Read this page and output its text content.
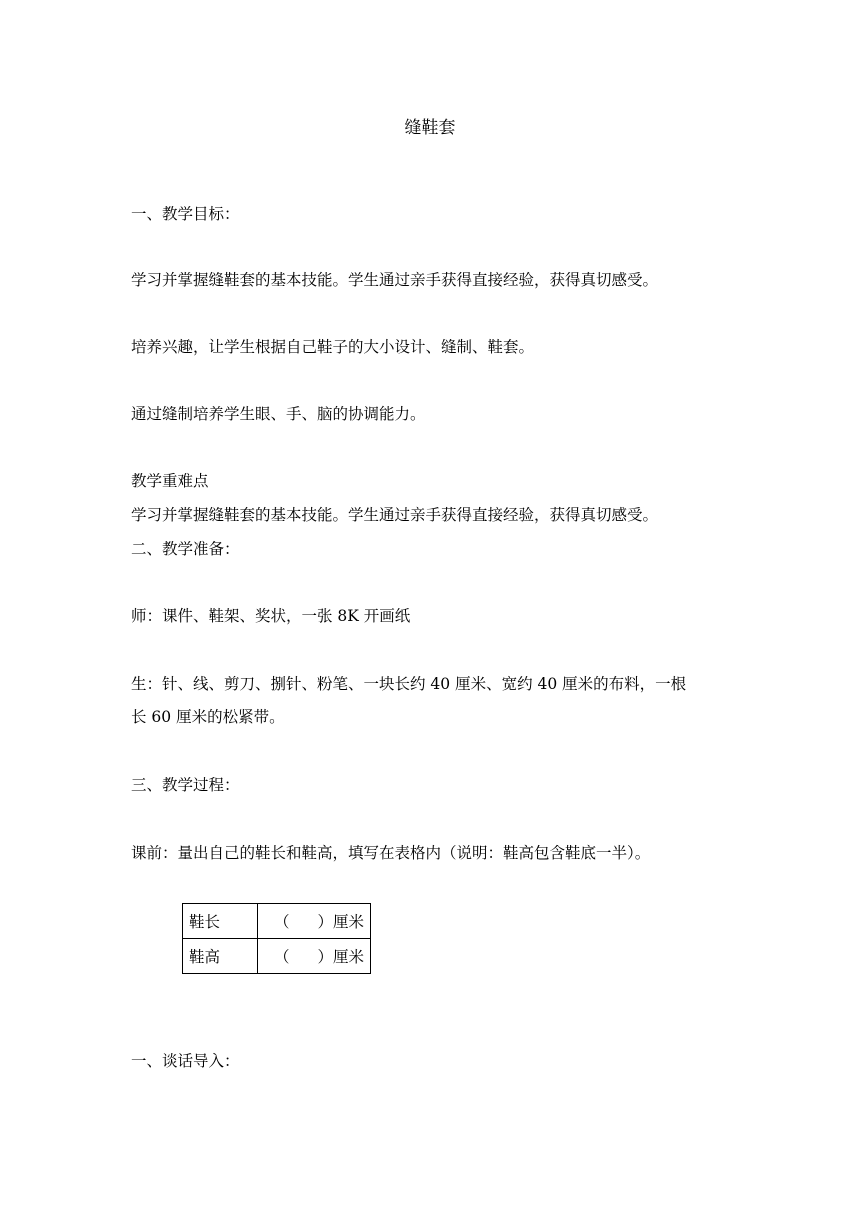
缝鞋套
一、教学目标：
学习并掌握缝鞋套的基本技能。学生通过亲手获得直接经验，获得真切感受。
培养兴趣，让学生根据自己鞋子的大小设计、缝制、鞋套。
通过缝制培养学生眼、手、脑的协调能力。
教学重难点
学习并掌握缝鞋套的基本技能。学生通过亲手获得直接经验，获得真切感受。
二、教学准备：
师：课件、鞋架、奖状，一张 8K 开画纸
生：针、线、剪刀、捌针、粉笔、一块长约 40 厘米、宽约 40 厘米的布料，一根
长 60 厘米的松紧带。
三、教学过程：
课前：量出自己的鞋长和鞋高，填写在表格内（说明：鞋高包含鞋底一半）。
鞋长	（ ）厘米
鞋高	（ ）厘米
一、谈话导入：
